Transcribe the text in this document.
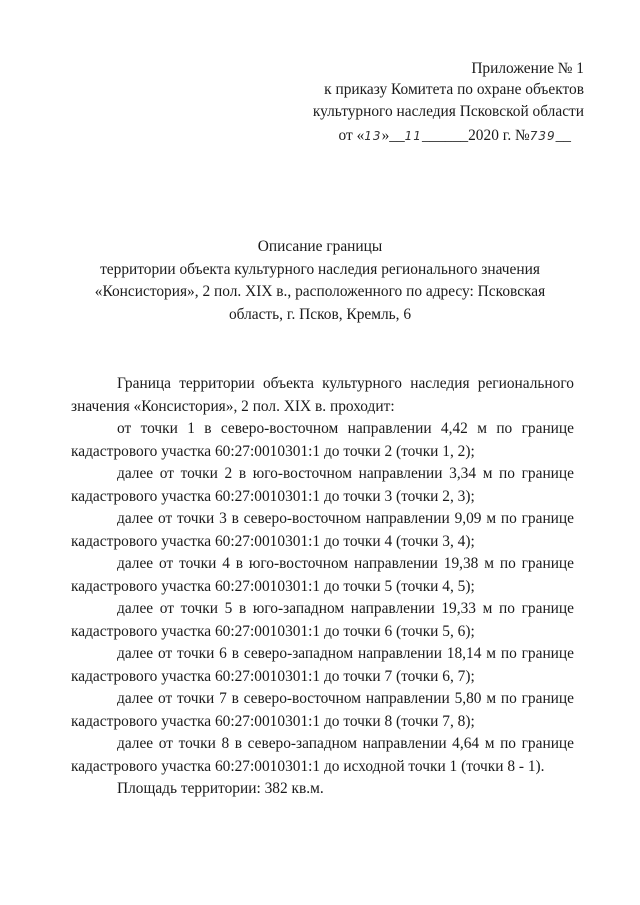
Приложение № 1
к приказу Комитета по охране объектов
культурного наследия Псковской области
от «13»__11______2020 г. №739__
Описание границы
территории объекта культурного наследия регионального значения
«Консистория», 2 пол. XIX в., расположенного по адресу: Псковская
область, г. Псков, Кремль, 6

Граница территории объекта культурного наследия регионального значения «Консистория», 2 пол. XIX в. проходит:

от точки 1 в северо-восточном направлении 4,42 м по границе кадастрового участка 60:27:0010301:1 до точки 2 (точки 1, 2);

далее от точки 2 в юго-восточном направлении 3,34 м по границе кадастрового участка 60:27:0010301:1 до точки 3 (точки 2, 3);

далее от точки 3 в северо-восточном направлении 9,09 м по границе кадастрового участка 60:27:0010301:1 до точки 4 (точки 3, 4);

далее от точки 4 в юго-восточном направлении 19,38 м по границе кадастрового участка 60:27:0010301:1 до точки 5 (точки 4, 5);

далее от точки 5 в юго-западном направлении 19,33 м по границе кадастрового участка 60:27:0010301:1 до точки 6 (точки 5, 6);

далее от точки 6 в северо-западном направлении 18,14 м по границе кадастрового участка 60:27:0010301:1 до точки 7 (точки 6, 7);

далее от точки 7 в северо-восточном направлении 5,80 м по границе кадастрового участка 60:27:0010301:1 до точки 8 (точки 7, 8);

далее от точки 8 в северо-западном направлении 4,64 м по границе кадастрового участка 60:27:0010301:1 до исходной точки 1 (точки 8 - 1).

Площадь территории: 382 кв.м.
